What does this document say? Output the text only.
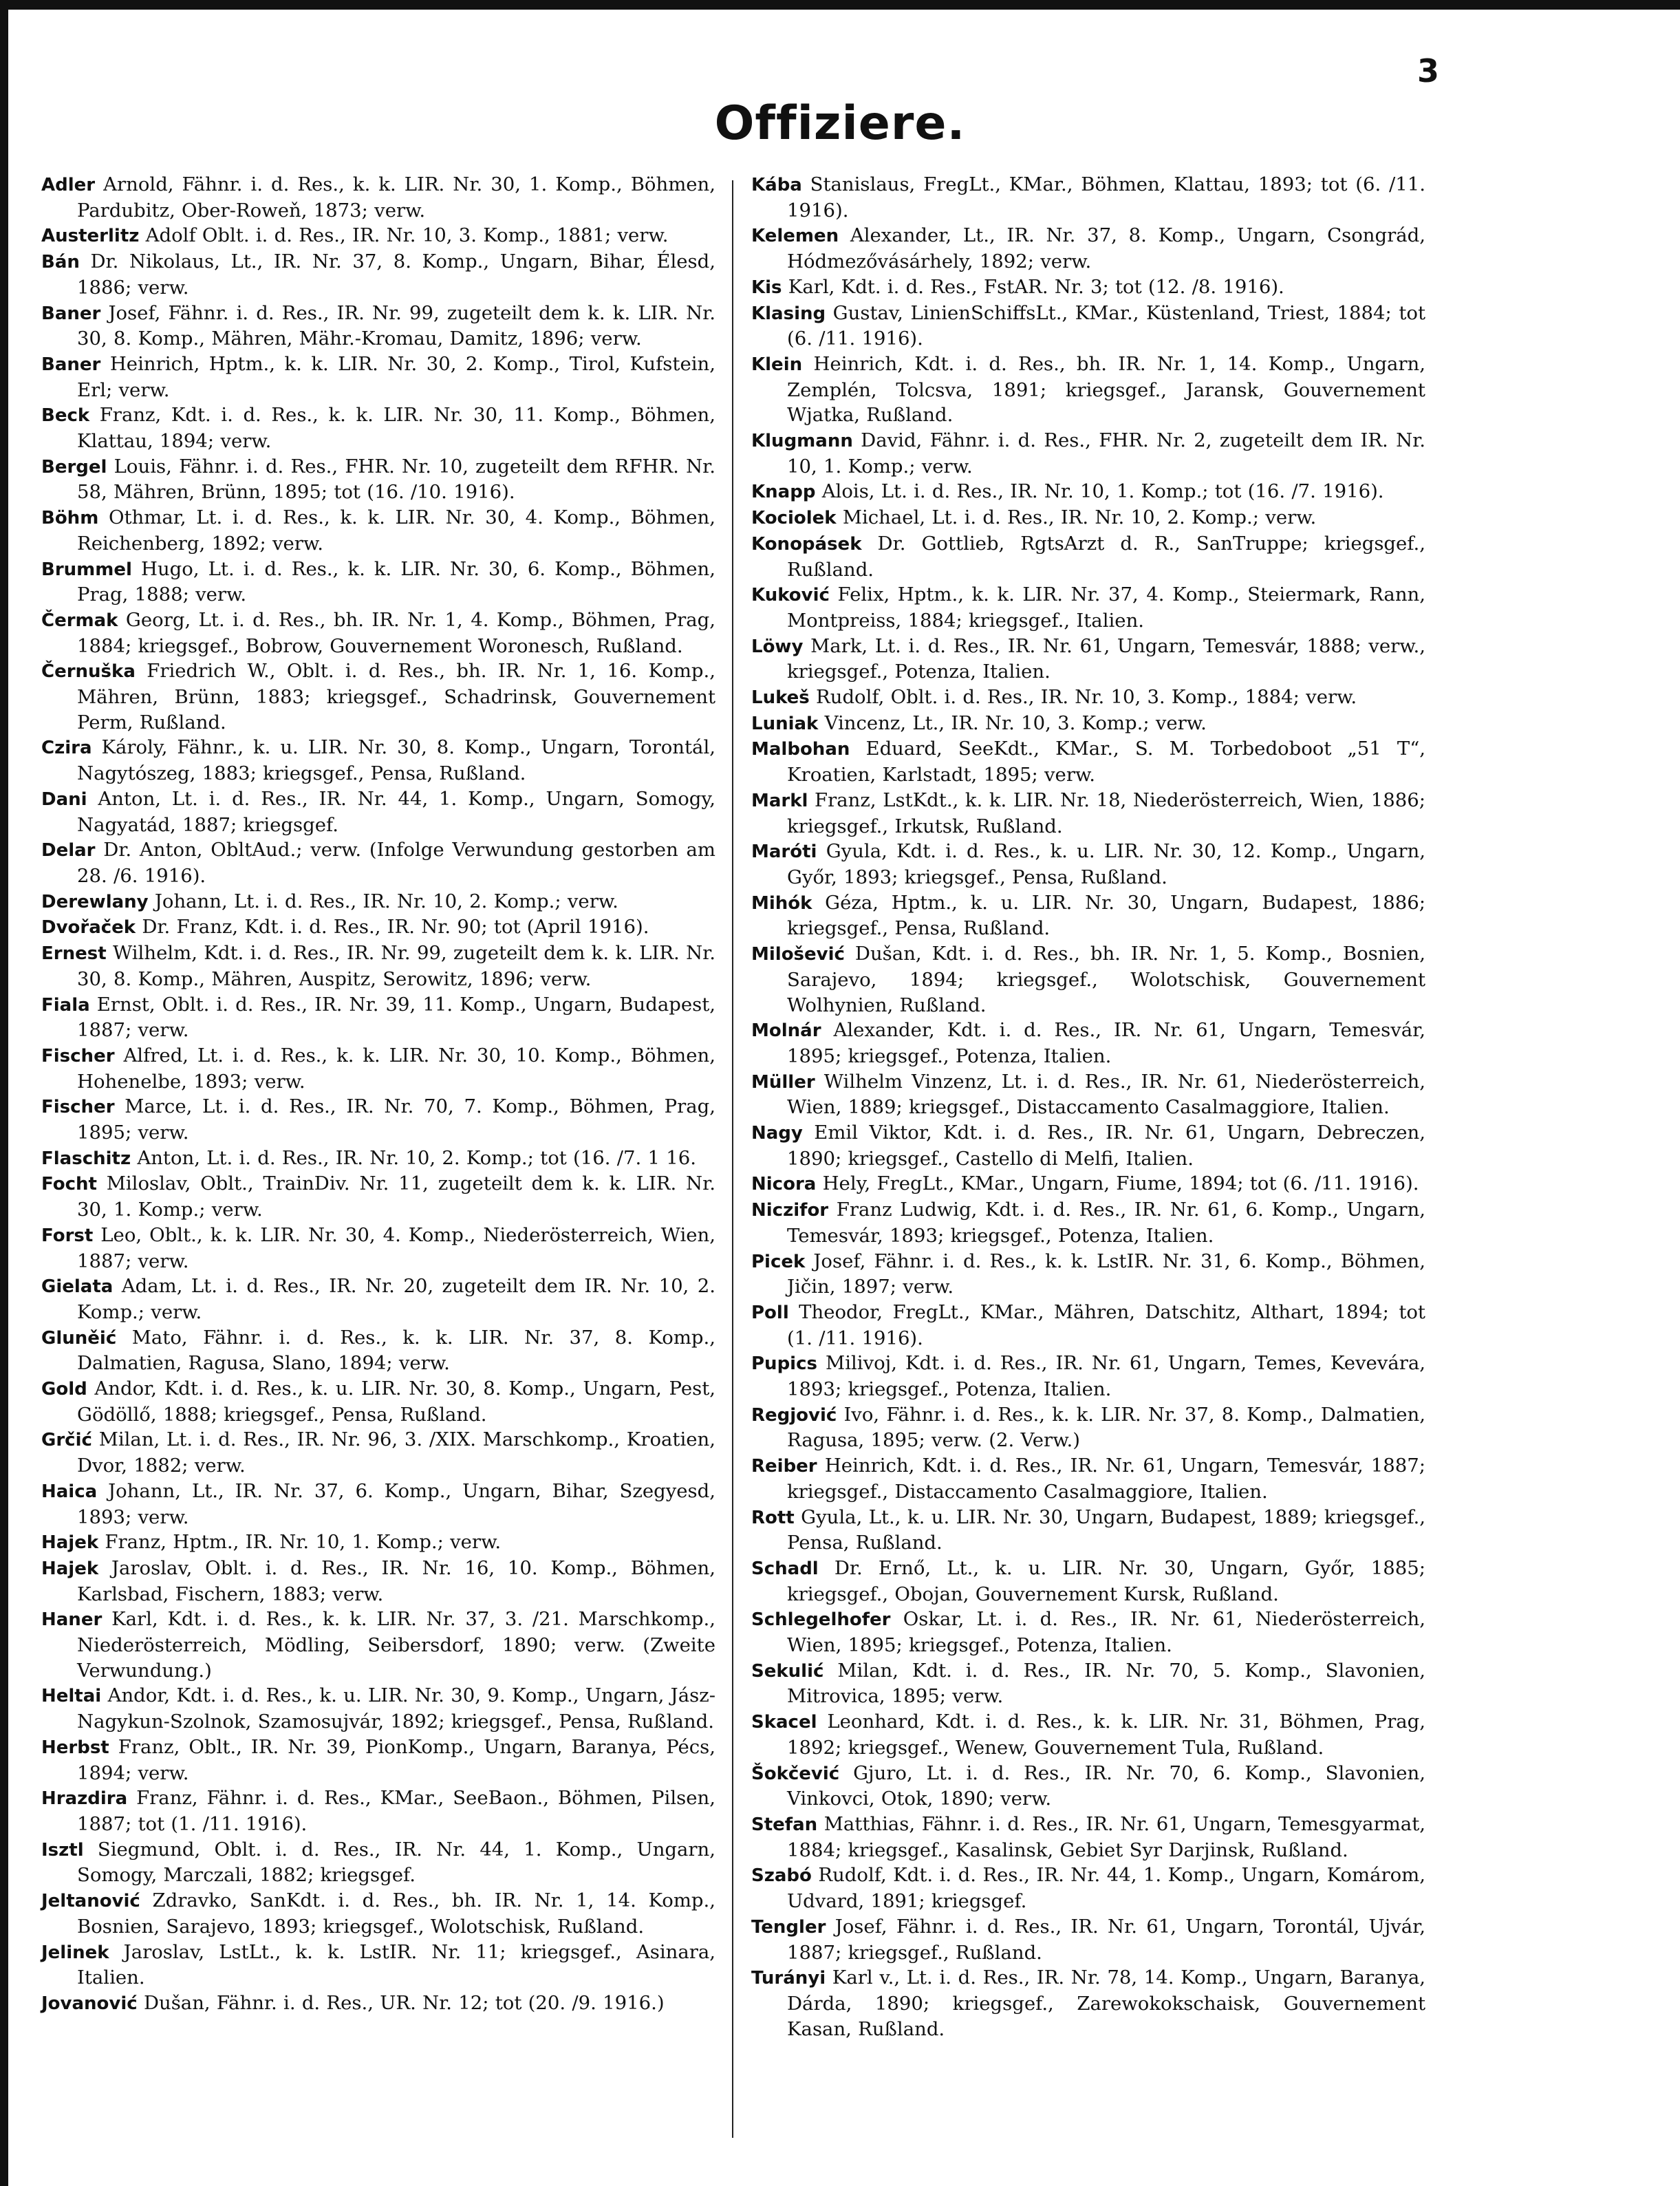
3
Offiziere.
Adler Arnold, Fähnr. i. d. Res., k. k. LIR. Nr. 30, 1. Komp., Böhmen, Pardubitz, Ober-Roweň, 1873; verw.
Austerlitz Adolf Oblt. i. d. Res., IR. Nr. 10, 3. Komp., 1881; verw.
Bán Dr. Nikolaus, Lt., IR. Nr. 37, 8. Komp., Ungarn, Bihar, Élesd, 1886; verw.
Baner Josef, Fähnr. i. d. Res., IR. Nr. 99, zugeteilt dem k. k. LIR. Nr. 30, 8. Komp., Mähren, Mähr.-Kromau, Damitz, 1896; verw.
Baner Heinrich, Hptm., k. k. LIR. Nr. 30, 2. Komp., Tirol, Kufstein, Erl; verw.
Beck Franz, Kdt. i. d. Res., k. k. LIR. Nr. 30, 11. Komp., Böhmen, Klattau, 1894; verw.
Bergel Louis, Fähnr. i. d. Res., FHR. Nr. 10, zugeteilt dem RFHR. Nr. 58, Mähren, Brünn, 1895; tot (16. /10. 1916).
Böhm Othmar, Lt. i. d. Res., k. k. LIR. Nr. 30, 4. Komp., Böhmen, Reichenberg, 1892; verw.
Brummel Hugo, Lt. i. d. Res., k. k. LIR. Nr. 30, 6. Komp., Böhmen, Prag, 1888; verw.
Čermak Georg, Lt. i. d. Res., bh. IR. Nr. 1, 4. Komp., Böhmen, Prag, 1884; kriegsgef., Bobrow, Gouvernement Woronesch, Rußland.
Černuška Friedrich W., Oblt. i. d. Res., bh. IR. Nr. 1, 16. Komp., Mähren, Brünn, 1883; kriegsgef., Schadrinsk, Gouvernement Perm, Rußland.
Czira Károly, Fähnr., k. u. LIR. Nr. 30, 8. Komp., Ungarn, Torontál, Nagytószeg, 1883; kriegsgef., Pensa, Rußland.
Dani Anton, Lt. i. d. Res., IR. Nr. 44, 1. Komp., Ungarn, Somogy, Nagyatád, 1887; kriegsgef.
Delar Dr. Anton, ObltAud.; verw. (Infolge Verwundung gestorben am 28. /6. 1916).
Derewlany Johann, Lt. i. d. Res., IR. Nr. 10, 2. Komp.; verw.
Dvořaček Dr. Franz, Kdt. i. d. Res., IR. Nr. 90; tot (April 1916).
Ernest Wilhelm, Kdt. i. d. Res., IR. Nr. 99, zugeteilt dem k. k. LIR. Nr. 30, 8. Komp., Mähren, Auspitz, Serowitz, 1896; verw.
Fiala Ernst, Oblt. i. d. Res., IR. Nr. 39, 11. Komp., Ungarn, Budapest, 1887; verw.
Fischer Alfred, Lt. i. d. Res., k. k. LIR. Nr. 30, 10. Komp., Böhmen, Hohenelbe, 1893; verw.
Fischer Marce, Lt. i. d. Res., IR. Nr. 70, 7. Komp., Böhmen, Prag, 1895; verw.
Flaschitz Anton, Lt. i. d. Res., IR. Nr. 10, 2. Komp.; tot (16. /7. 1 16.
Focht Miloslav, Oblt., TrainDiv. Nr. 11, zugeteilt dem k. k. LIR. Nr. 30, 1. Komp.; verw.
Forst Leo, Oblt., k. k. LIR. Nr. 30, 4. Komp., Niederösterreich, Wien, 1887; verw.
Gielata Adam, Lt. i. d. Res., IR. Nr. 20, zugeteilt dem IR. Nr. 10, 2. Komp.; verw.
Gluněić Mato, Fähnr. i. d. Res., k. k. LIR. Nr. 37, 8. Komp., Dalmatien, Ragusa, Slano, 1894; verw.
Gold Andor, Kdt. i. d. Res., k. u. LIR. Nr. 30, 8. Komp., Ungarn, Pest, Gödöllő, 1888; kriegsgef., Pensa, Rußland.
Grčić Milan, Lt. i. d. Res., IR. Nr. 96, 3. /XIX. Marschkomp., Kroatien, Dvor, 1882; verw.
Haica Johann, Lt., IR. Nr. 37, 6. Komp., Ungarn, Bihar, Szegyesd, 1893; verw.
Hajek Franz, Hptm., IR. Nr. 10, 1. Komp.; verw.
Hajek Jaroslav, Oblt. i. d. Res., IR. Nr. 16, 10. Komp., Böhmen, Karlsbad, Fischern, 1883; verw.
Haner Karl, Kdt. i. d. Res., k. k. LIR. Nr. 37, 3. /21. Marschkomp., Niederösterreich, Mödling, Seibersdorf, 1890; verw. (Zweite Verwundung.)
Heltai Andor, Kdt. i. d. Res., k. u. LIR. Nr. 30, 9. Komp., Ungarn, Jász-Nagykun-Szolnok, Szamosujvár, 1892; kriegsgef., Pensa, Rußland.
Herbst Franz, Oblt., IR. Nr. 39, PionKomp., Ungarn, Baranya, Pécs, 1894; verw.
Hrazdira Franz, Fähnr. i. d. Res., KMar., SeeBaon., Böhmen, Pilsen, 1887; tot (1. /11. 1916).
Isztl Siegmund, Oblt. i. d. Res., IR. Nr. 44, 1. Komp., Ungarn, Somogy, Marczali, 1882; kriegsgef.
Jeltanović Zdravko, SanKdt. i. d. Res., bh. IR. Nr. 1, 14. Komp., Bosnien, Sarajevo, 1893; kriegsgef., Wolotschisk, Rußland.
Jelinek Jaroslav, LstLt., k. k. LstIR. Nr. 11; kriegsgef., Asinara, Italien.
Jovanović Dušan, Fähnr. i. d. Res., UR. Nr. 12; tot (20. /9. 1916.)
Kába Stanislaus, FregLt., KMar., Böhmen, Klattau, 1893; tot (6. /11. 1916).
Kelemen Alexander, Lt., IR. Nr. 37, 8. Komp., Ungarn, Csongrád, Hódmezővásárhely, 1892; verw.
Kis Karl, Kdt. i. d. Res., FstAR. Nr. 3; tot (12. /8. 1916).
Klasing Gustav, LinienSchiffsLt., KMar., Küstenland, Triest, 1884; tot (6. /11. 1916).
Klein Heinrich, Kdt. i. d. Res., bh. IR. Nr. 1, 14. Komp., Ungarn, Zemplén, Tolcsva, 1891; kriegsgef., Jaransk, Gouvernement Wjatka, Rußland.
Klugmann David, Fähnr. i. d. Res., FHR. Nr. 2, zugeteilt dem IR. Nr. 10, 1. Komp.; verw.
Knapp Alois, Lt. i. d. Res., IR. Nr. 10, 1. Komp.; tot (16. /7. 1916).
Kociolek Michael, Lt. i. d. Res., IR. Nr. 10, 2. Komp.; verw.
Konopásek Dr. Gottlieb, RgtsArzt d. R., SanTruppe; kriegsgef., Rußland.
Kuković Felix, Hptm., k. k. LIR. Nr. 37, 4. Komp., Steiermark, Rann, Montpreiss, 1884; kriegsgef., Italien.
Löwy Mark, Lt. i. d. Res., IR. Nr. 61, Ungarn, Temesvár, 1888; verw., kriegsgef., Potenza, Italien.
Lukeš Rudolf, Oblt. i. d. Res., IR. Nr. 10, 3. Komp., 1884; verw.
Luniak Vincenz, Lt., IR. Nr. 10, 3. Komp.; verw.
Malbohan Eduard, SeeKdt., KMar., S. M. Torbedoboot „51 T“, Kroatien, Karlstadt, 1895; verw.
Markl Franz, LstKdt., k. k. LIR. Nr. 18, Niederösterreich, Wien, 1886; kriegsgef., Irkutsk, Rußland.
Maróti Gyula, Kdt. i. d. Res., k. u. LIR. Nr. 30, 12. Komp., Ungarn, Győr, 1893; kriegsgef., Pensa, Rußland.
Mihók Géza, Hptm., k. u. LIR. Nr. 30, Ungarn, Budapest, 1886; kriegsgef., Pensa, Rußland.
Milošević Dušan, Kdt. i. d. Res., bh. IR. Nr. 1, 5. Komp., Bosnien, Sarajevo, 1894; kriegsgef., Wolotschisk, Gouvernement Wolhynien, Rußland.
Molnár Alexander, Kdt. i. d. Res., IR. Nr. 61, Ungarn, Temesvár, 1895; kriegsgef., Potenza, Italien.
Müller Wilhelm Vinzenz, Lt. i. d. Res., IR. Nr. 61, Niederösterreich, Wien, 1889; kriegsgef., Distaccamento Casalmaggiore, Italien.
Nagy Emil Viktor, Kdt. i. d. Res., IR. Nr. 61, Ungarn, Debreczen, 1890; kriegsgef., Castello di Melfi, Italien.
Nicora Hely, FregLt., KMar., Ungarn, Fiume, 1894; tot (6. /11. 1916).
Niczifor Franz Ludwig, Kdt. i. d. Res., IR. Nr. 61, 6. Komp., Ungarn, Temesvár, 1893; kriegsgef., Potenza, Italien.
Picek Josef, Fähnr. i. d. Res., k. k. LstIR. Nr. 31, 6. Komp., Böhmen, Jičin, 1897; verw.
Poll Theodor, FregLt., KMar., Mähren, Datschitz, Althart, 1894; tot (1. /11. 1916).
Pupics Milivoj, Kdt. i. d. Res., IR. Nr. 61, Ungarn, Temes, Kevevára, 1893; kriegsgef., Potenza, Italien.
Regjović Ivo, Fähnr. i. d. Res., k. k. LIR. Nr. 37, 8. Komp., Dalmatien, Ragusa, 1895; verw. (2. Verw.)
Reiber Heinrich, Kdt. i. d. Res., IR. Nr. 61, Ungarn, Temesvár, 1887; kriegsgef., Distaccamento Casalmaggiore, Italien.
Rott Gyula, Lt., k. u. LIR. Nr. 30, Ungarn, Budapest, 1889; kriegsgef., Pensa, Rußland.
Schadl Dr. Ernő, Lt., k. u. LIR. Nr. 30, Ungarn, Győr, 1885; kriegsgef., Obojan, Gouvernement Kursk, Rußland.
Schlegelhofer Oskar, Lt. i. d. Res., IR. Nr. 61, Niederösterreich, Wien, 1895; kriegsgef., Potenza, Italien.
Sekulić Milan, Kdt. i. d. Res., IR. Nr. 70, 5. Komp., Slavonien, Mitrovica, 1895; verw.
Skacel Leonhard, Kdt. i. d. Res., k. k. LIR. Nr. 31, Böhmen, Prag, 1892; kriegsgef., Wenew, Gouvernement Tula, Rußland.
Šokčević Gjuro, Lt. i. d. Res., IR. Nr. 70, 6. Komp., Slavonien, Vinkovci, Otok, 1890; verw.
Stefan Matthias, Fähnr. i. d. Res., IR. Nr. 61, Ungarn, Temesgyarmat, 1884; kriegsgef., Kasalinsk, Gebiet Syr Darjinsk, Rußland.
Szabó Rudolf, Kdt. i. d. Res., IR. Nr. 44, 1. Komp., Ungarn, Komárom, Udvard, 1891; kriegsgef.
Tengler Josef, Fähnr. i. d. Res., IR. Nr. 61, Ungarn, Torontál, Ujvár, 1887; kriegsgef., Rußland.
Turányi Karl v., Lt. i. d. Res., IR. Nr. 78, 14. Komp., Ungarn, Baranya, Dárda, 1890; kriegsgef., Zarewokokschaisk, Gouvernement Kasan, Rußland.
